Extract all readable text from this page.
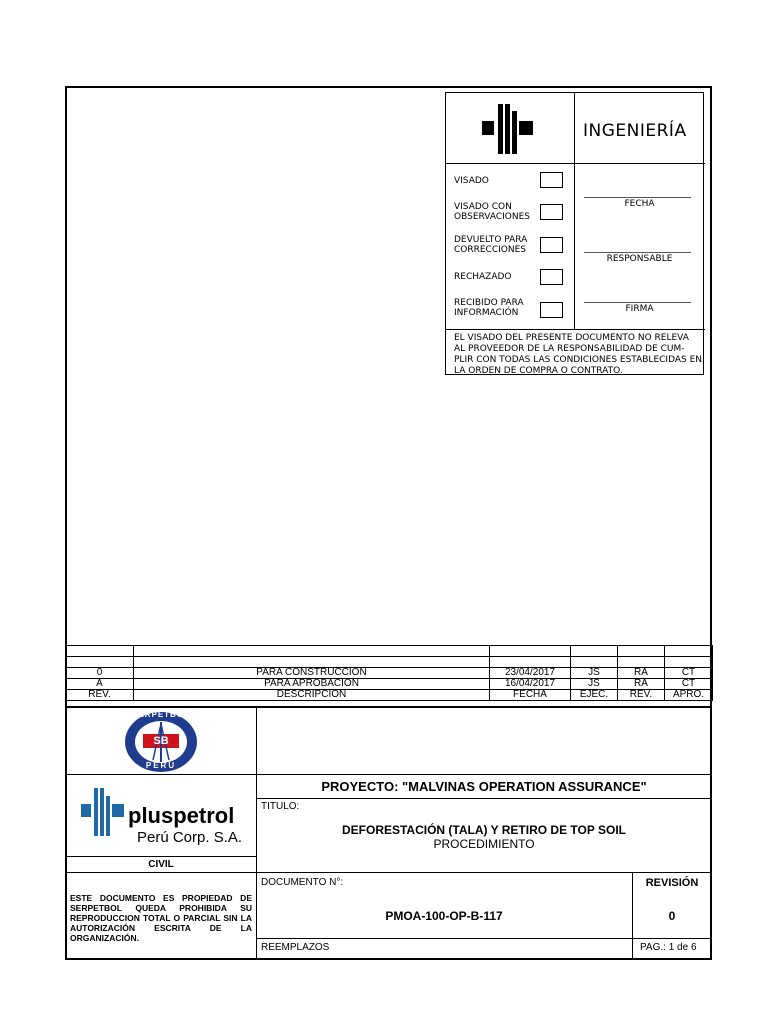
INGENIERÍA
VISADO
VISADO CON OBSERVACIONES
DEVUELTO PARA CORRECCIONES
RECHAZADO
RECIBIDO PARA INFORMACIÓN
FECHA
RESPONSABLE
FIRMA
EL VISADO DEL PRESENTE DOCUMENTO NO RELEVA AL PROVEEDOR DE LA RESPONSABILIDAD DE CUM-PLIR CON TODAS LAS CONDICIONES ESTABLECIDAS EN LA ORDEN DE COMPRA O CONTRATO.

0	PARA CONSTRUCCION	23/04/2017	JS	RA	CT
A	PARA APROBACION	16/04/2017	JS	RA	CT
REV.	DESCRIPCION	FECHA	EJEC.	REV.	APRO.
SERPETBOL
SB
PERU
pluspetrol
Perú Corp. S.A.
CIVIL
ESTE DOCUMENTO ES PROPIEDAD DE SERPETBOL QUEDA PROHIBIDA SU REPRODUCCION TOTAL O PARCIAL SIN LA AUTORIZACIÓN ESCRITA DE LA ORGANIZACIÓN.
PROYECTO: "MALVINAS OPERATION ASSURANCE"
TITULO:
DEFORESTACIÓN (TALA) Y RETIRO DE TOP SOIL
PROCEDIMIENTO
DOCUMENTO N°:
PMOA-100-OP-B-117
REVISIÓN
0
REEMPLAZOS	PAG.: 1 de 6
